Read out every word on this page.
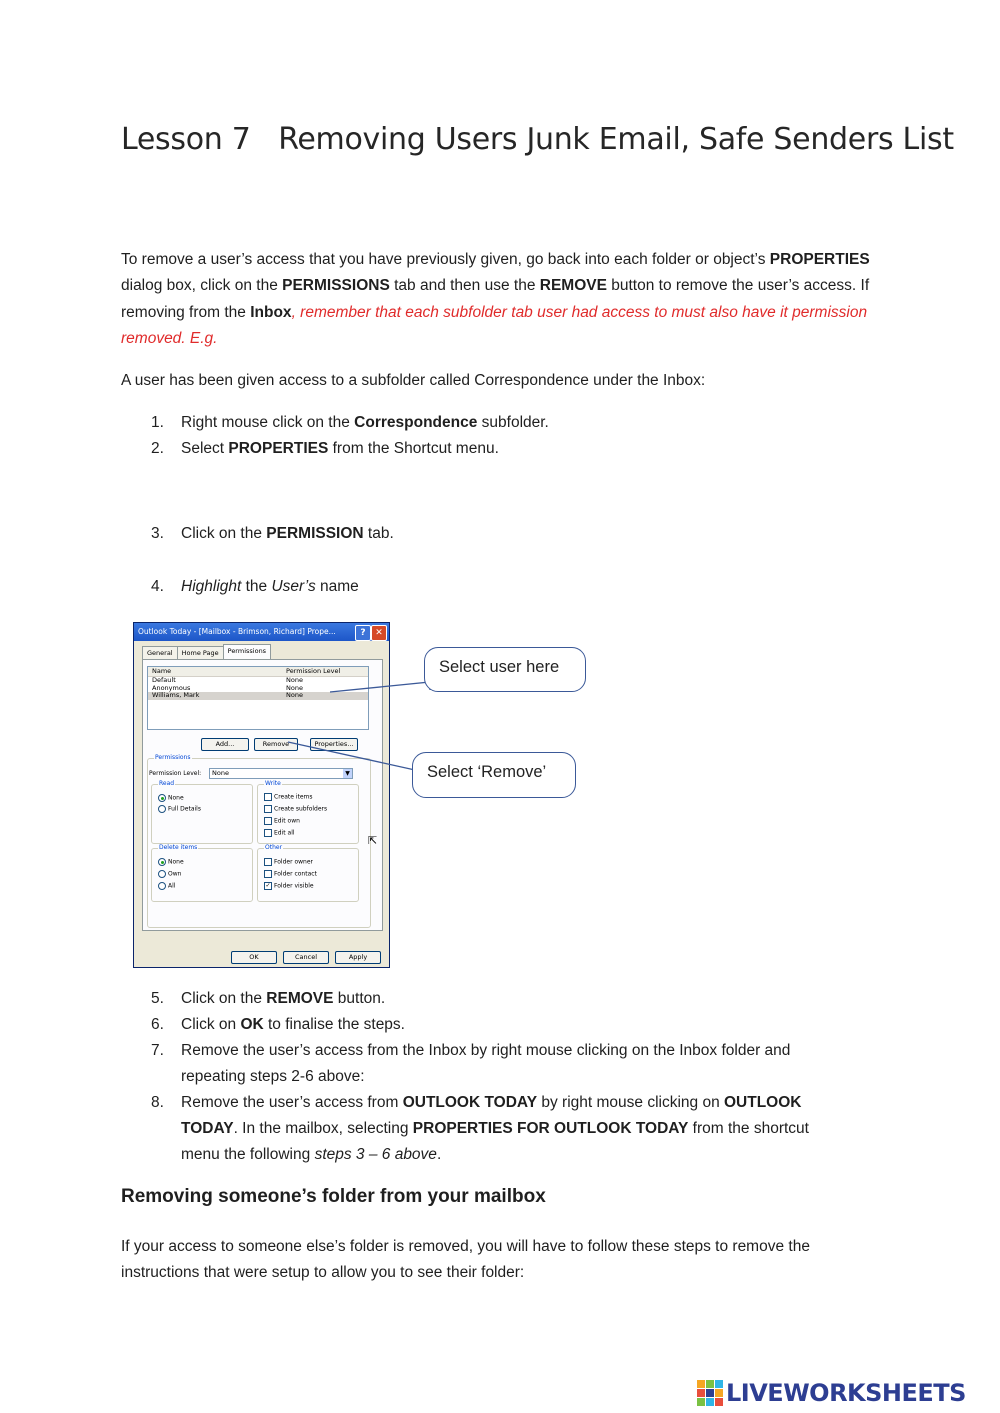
Lesson 7   Removing Users Junk Email, Safe Senders List

To remove a user’s access that you have previously given, go back into each folder or object’s PROPERTIES dialog box, click on the PERMISSIONS tab and then use the REMOVE button to remove the user’s access. If removing from the Inbox, remember that each subfolder tab user had access to must also have it permission removed. E.g.

A user has been given access to a subfolder called Correspondence under the Inbox:

1. Right mouse click on the Correspondence subfolder.
2. Select PROPERTIES from the Shortcut menu.
3. Click on the PERMISSION tab.
4. Highlight the User’s name
Outlook Today - [Mailbox - Brimson, Richard] Prope...	?	✕
General Home Page Permissions
Name	Permission Level
Default	None
Anonymous	None
Williams, Mark	None
Add...	Remove	Properties...
Permissions
Permission Level:	None	▼
Read
None
Full Details
Write
Create items
Create subfolders
Edit own
Edit all
Delete items
None
Own
All
Other
Folder owner
Folder contact
✓ Folder visible
⇱
OK	Cancel	Apply
Select user here
Select ‘Remove’
5. Click on the REMOVE button.
6. Click on OK to finalise the steps.
7. Remove the user’s access from the Inbox by right mouse clicking on the Inbox folder and repeating steps 2-6 above:
8. Remove the user’s access from OUTLOOK TODAY by right mouse clicking on OUTLOOK TODAY. In the mailbox, selecting PROPERTIES FOR OUTLOOK TODAY from the shortcut menu the following steps 3 – 6 above.
Removing someone’s folder from your mailbox

If your access to someone else’s folder is removed, you will have to follow these steps to remove the instructions that were setup to allow you to see their folder:

LIVEWORKSHEETS
